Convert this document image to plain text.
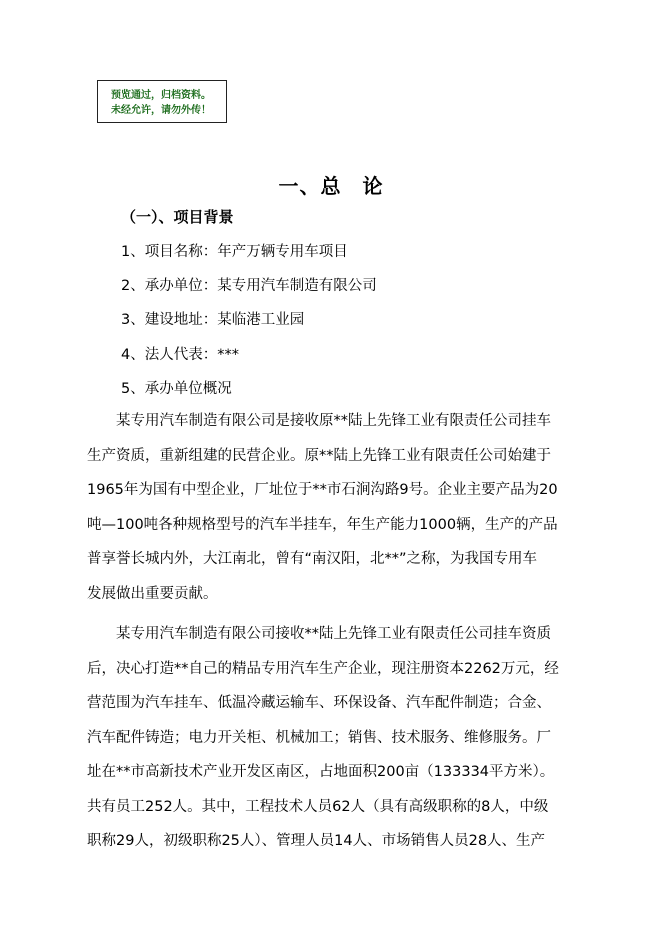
预览通过，归档资料。
未经允许，请勿外传！
一、总　论
（一）、项目背景
1、项目名称：年产万辆专用车项目
2、承办单位：某专用汽车制造有限公司
3、建设地址：某临港工业园
4、法人代表：***
5、承办单位概况
　　某专用汽车制造有限公司是接收原**陆上先锋工业有限责任公司挂车
生产资质，重新组建的民营企业。原**陆上先锋工业有限责任公司始建于
1965年为国有中型企业，厂址位于**市石涧沟路9号。企业主要产品为20
吨—100吨各种规格型号的汽车半挂车，年生产能力1000辆，生产的产品
普享誉长城内外，大江南北，曾有“南汉阳，北**”之称，为我国专用车
发展做出重要贡献。
　　某专用汽车制造有限公司接收**陆上先锋工业有限责任公司挂车资质
后，决心打造**自己的精品专用汽车生产企业，现注册资本2262万元，经
营范围为汽车挂车、低温冷藏运输车、环保设备、汽车配件制造；合金、
汽车配件铸造；电力开关柜、机械加工；销售、技术服务、维修服务。厂
址在**市高新技术产业开发区南区，占地面积200亩（133334平方米）。
共有员工252人。其中，工程技术人员62人（具有高级职称的8人，中级
职称29人，初级职称25人）、管理人员14人、市场销售人员28人、生产
